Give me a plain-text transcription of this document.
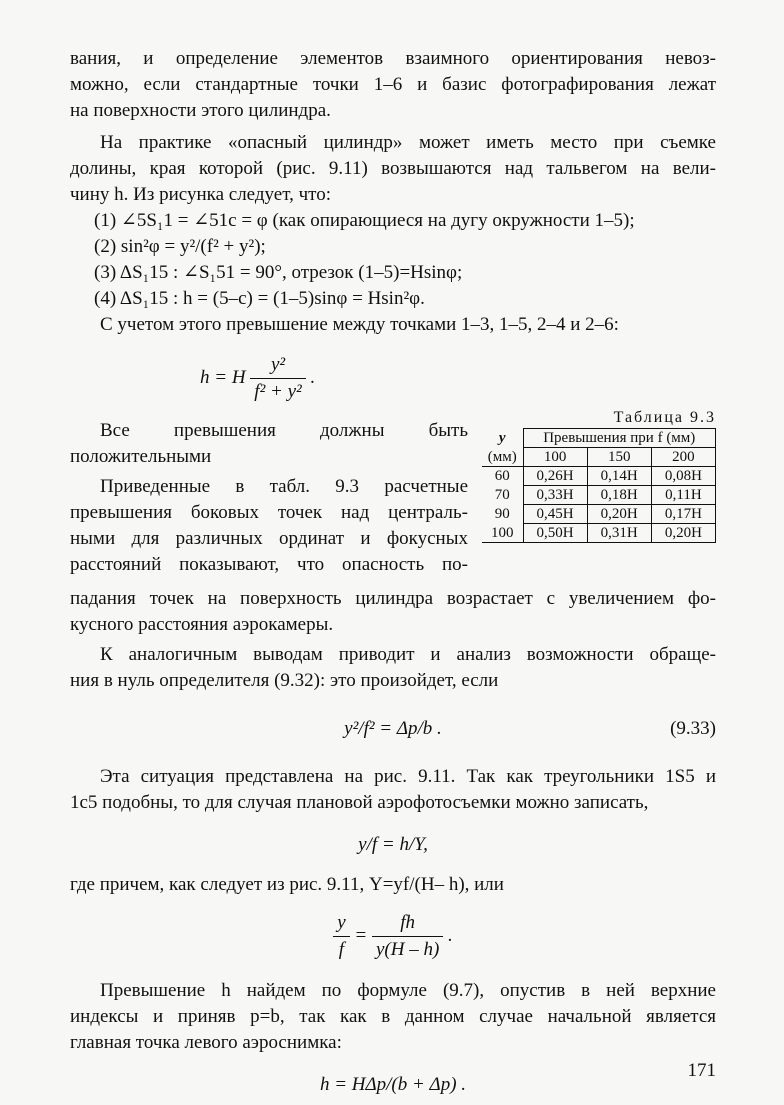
вания, и определение элементов взаимного ориентирования невоз-
можно, если стандартные точки 1–6 и базис фотографирования лежат
на поверхности этого цилиндра.

На практике «опасный цилиндр» может иметь место при съемке
долины, края которой (рис. 9.11) возвышаются над тальвегом на вели-
чину h. Из рисунка следует, что:

(1) ∠5S₁1 = ∠51c = φ (как опирающиеся на дугу окружности 1–5);
(2) sin²φ = y²/(f² + y²);
(3) ΔS₁15 : ∠S₁51 = 90°, отрезок (1–5)=Hsinφ;
(4) ΔS₁15 : h = (5–c) = (1–5)sinφ = Hsin²φ.

С учетом этого превышение между точками 1–3, 1–5, 2–4 и 2–6:

h = H $\frac{\text{y²}}{\text{f² + y²}}$ .
Все превышения должны быть
положительными
Приведенные в табл. 9.3 расчетные
превышения боковых точек над централь-
ными для различных ординат и фокусных
расстояний показывают, что опасность по-
Таблица 9.3
y	Превышения при f (мм)		
(мм)	100	150	200
60	0,26H	0,14H	0,08H
70	0,33H	0,18H	0,11H
90	0,45H	0,20H	0,17H
100	0,50H	0,31H	0,20H

падания точек на поверхность цилиндра возрастает с увеличением фо-
кусного расстояния аэрокамеры.

К аналогичным выводам приводит и анализ возможности обраще-
ния в нуль определителя (9.32): это произойдет, если

y²/f² = Δp/b .	(9.33)

Эта ситуация представлена на рис. 9.11. Так как треугольники 1S5 и
1c5 подобны, то для случая плановой аэрофотосъемки можно записать,

y/f = h/Y,

где причем, как следует из рис. 9.11, Y=yf/(H– h), или

$\frac{y}{f} = \frac{fh}{y(H - h)}$ .

Превышение h найдем по формуле (9.7), опустив в ней верхние
индексы и приняв p=b, так как в данном случае начальной является
главная точка левого аэроснимка:

h = HΔp/(b + Δp) .
171
